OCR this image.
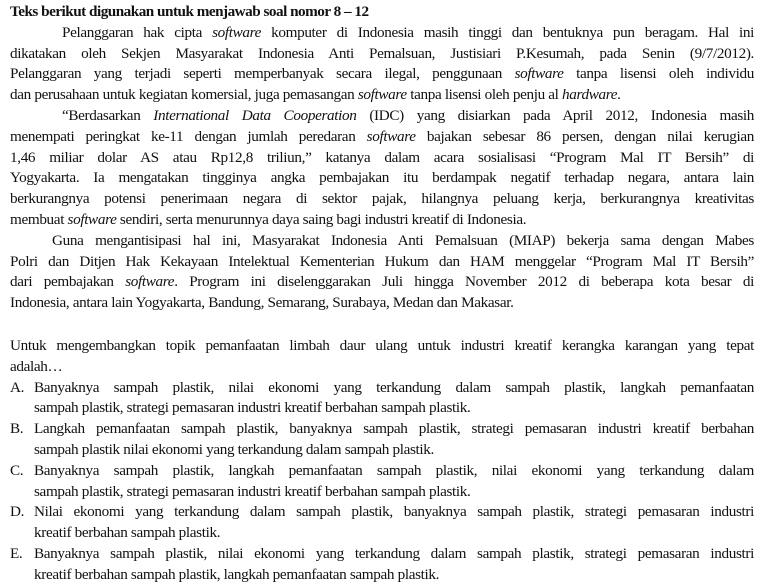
Teks berikut digunakan untuk menjawab soal nomor 8 – 12
Pelanggaran hak cipta software komputer di Indonesia masih tinggi dan bentuknya pun beragam. Hal ini
dikatakan oleh Sekjen Masyarakat Indonesia Anti Pemalsuan, Justisiari P.Kesumah, pada Senin (9/7/2012).
Pelanggaran yang terjadi seperti memperbanyak secara ilegal, penggunaan software tanpa lisensi oleh individu
dan perusahaan untuk kegiatan komersial, juga pemasangan software tanpa lisensi oleh penju al hardware.
“Berdasarkan International Data Cooperation (IDC) yang disiarkan pada April 2012, Indonesia masih
menempati peringkat ke-11 dengan jumlah peredaran software bajakan sebesar 86 persen, dengan nilai kerugian
1,46 miliar dolar AS atau Rp12,8 triliun,” katanya dalam acara sosialisasi “Program Mal IT Bersih” di
Yogyakarta. Ia mengatakan tingginya angka pembajakan itu berdampak negatif terhadap negara, antara lain
berkurangnya potensi penerimaan negara di sektor pajak, hilangnya peluang kerja, berkurangnya kreativitas
membuat software sendiri, serta menurunnya daya saing bagi industri kreatif di Indonesia.
Guna mengantisipasi hal ini, Masyarakat Indonesia Anti Pemalsuan (MIAP) bekerja sama dengan Mabes
Polri dan Ditjen Hak Kekayaan Intelektual Kementerian Hukum dan HAM menggelar “Program Mal IT Bersih”
dari pembajakan software. Program ini diselenggarakan Juli hingga November 2012 di beberapa kota besar di
Indonesia, antara lain Yogyakarta, Bandung, Semarang, Surabaya, Medan dan Makasar.
Untuk mengembangkan topik pemanfaatan limbah daur ulang untuk industri kreatif kerangka karangan yang tepat
adalah…
A. Banyaknya sampah plastik, nilai ekonomi yang terkandung dalam sampah plastik, langkah pemanfaatan
sampah plastik, strategi pemasaran industri kreatif berbahan sampah plastik.
B. Langkah pemanfaatan sampah plastik, banyaknya sampah plastik, strategi pemasaran industri kreatif berbahan
sampah plastik nilai ekonomi yang terkandung dalam sampah plastik.
C. Banyaknya sampah plastik, langkah pemanfaatan sampah plastik, nilai ekonomi yang terkandung dalam
sampah plastik, strategi pemasaran industri kreatif berbahan sampah plastik.
D. Nilai ekonomi yang terkandung dalam sampah plastik, banyaknya sampah plastik, strategi pemasaran industri
kreatif berbahan sampah plastik.
E. Banyaknya sampah plastik, nilai ekonomi yang terkandung dalam sampah plastik, strategi pemasaran industri
kreatif berbahan sampah plastik, langkah pemanfaatan sampah plastik.
